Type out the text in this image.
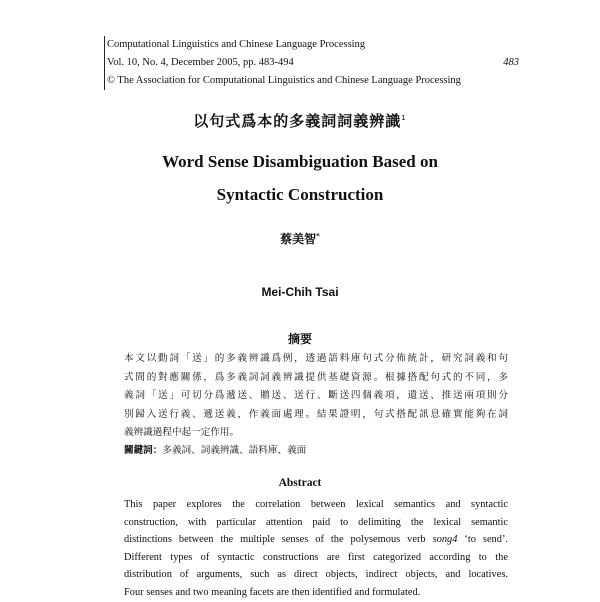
Computational Linguistics and Chinese Language Processing
Vol. 10, No. 4, December 2005, pp. 483-494	483
© The Association for Computational Linguistics and Chinese Language Processing
以句式爲本的多義詞詞義辨識$^1$
Word Sense Disambiguation Based on
Syntactic Construction
蔡美智*
Mei-Chih Tsai
摘要
本文以動詞「送」的多義辨識爲例，透過語料庫句式分佈統計，研究詞義和句
式間的對應關係，爲多義詞詞義辨識提供基礎資源。根據搭配句式的不同，多
義詞「送」可切分爲遞送、贈送、送行、斷送四個義項，遺送、推送兩項則分
別歸入送行義、遞送義，作義面處理。結果證明，句式搭配訊息確實能夠在詞
義辨識過程中起一定作用。
關鍵詞：多義詞、詞義辨識、語料庫、義面
Abstract
This paper explores the correlation between lexical semantics and syntactic
construction, with particular attention paid to delimiting the lexical semantic
distinctions between the multiple senses of the polysemous verb song4 ‘to send’.
Different types of syntactic constructions are first categorized according to the
distribution of arguments, such as direct objects, indirect objects, and locatives.
Four senses and two meaning facets are then identified and formulated.
